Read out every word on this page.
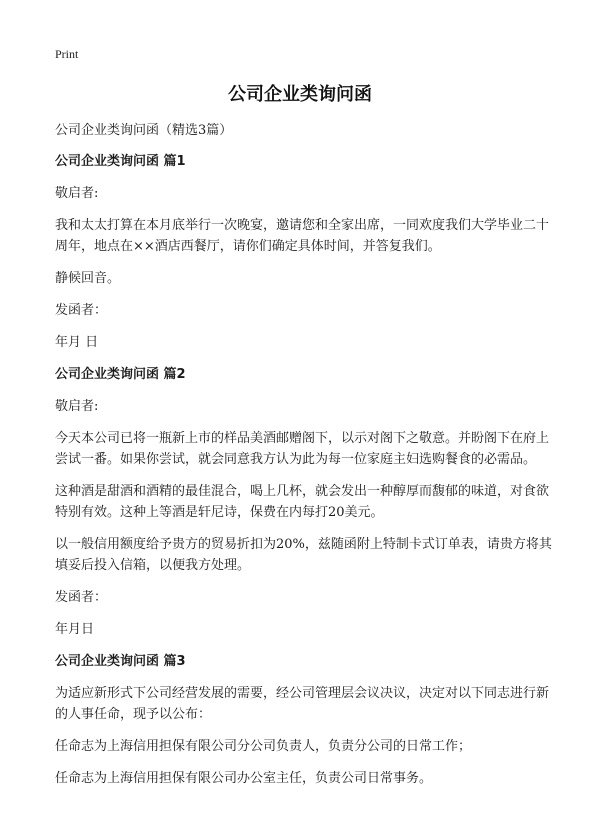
Print
公司企业类询问函

公司企业类询问函（精选3篇）

公司企业类询问函 篇1

敬启者:

我和太太打算在本月底举行一次晚宴，邀请您和全家出席，一同欢度我们大学毕业二十周年，地点在××酒店西餐厅，请你们确定具体时间，并答复我们。

静候回音。

发函者：

年月 日

公司企业类询问函 篇2

敬启者:

今天本公司已将一瓶新上市的样品美酒邮赠阁下，以示对阁下之敬意。并盼阁下在府上尝试一番。如果你尝试，就会同意我方认为此为每一位家庭主妇选购餐食的必需品。

这种酒是甜酒和酒精的最佳混合，喝上几杯，就会发出一种醇厚而馥郁的味道，对食欲特别有效。这种上等酒是轩尼诗，保费在内每打20美元。

以一般信用额度给予贵方的贸易折扣为20%，兹随函附上特制卡式订单表，请贵方将其填妥后投入信箱，以便我方处理。

发函者：

年月日

公司企业类询问函 篇3

为适应新形式下公司经营发展的需要，经公司管理层会议决议，决定对以下同志进行新的人事任命，现予以公布：

任命志为上海信用担保有限公司分公司负责人，负责分公司的日常工作；

任命志为上海信用担保有限公司办公室主任，负责公司日常事务。
